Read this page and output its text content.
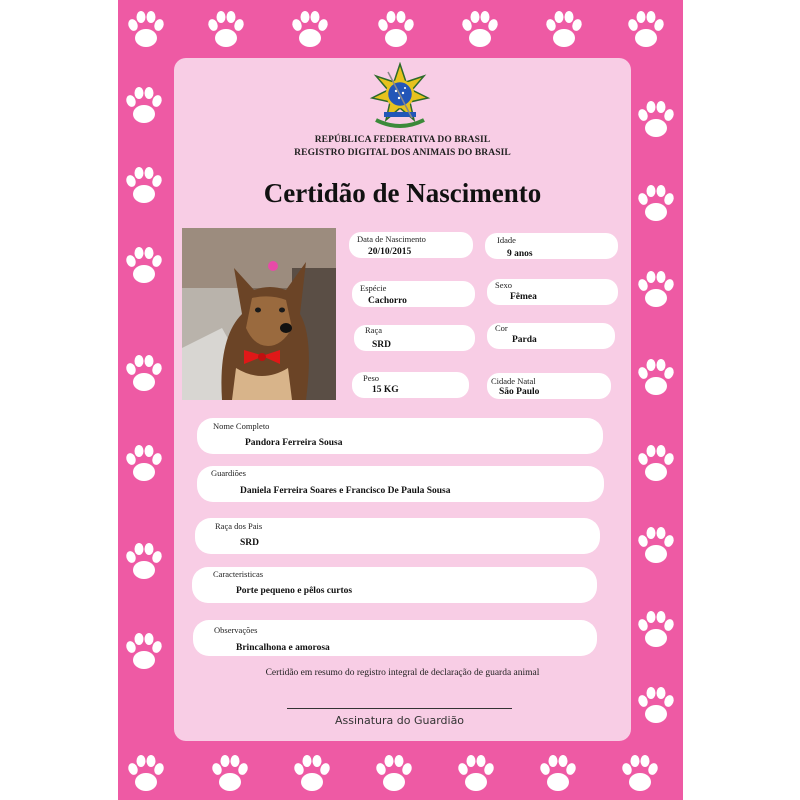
REPÚBLICA FEDERATIVA DO BRASIL
REGISTRO DIGITAL DOS ANIMAIS DO BRASIL
Certidão de Nascimento
Data de Nascimento
20/10/2015
Idade
9 anos
Espécie
Cachorro
Sexo
Fêmea
Raça
SRD
Cor
Parda
Peso
15 KG
Cidade Natal
São Paulo
Nome Completo
Pandora Ferreira Sousa
Guardiões
Daniela Ferreira Soares e Francisco De Paula Sousa
Raça dos Pais
SRD
Caracteristicas
Porte pequeno e pêlos curtos
Observações
Brincalhona e amorosa
Certidão em resumo do registro integral de declaração de guarda animal
Assinatura do Guardião
